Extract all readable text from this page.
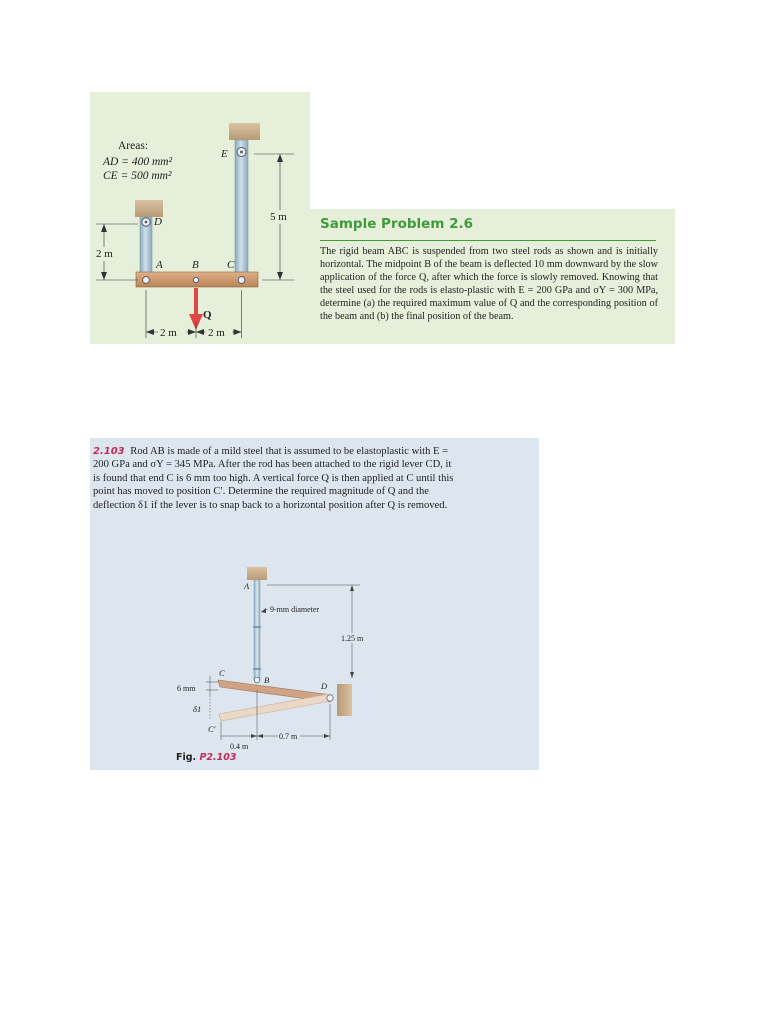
Areas:
AD = 400 mm²
CE = 500 mm²
E
D
A	B	C
Q
5 m
2 m
2 m	2 m
Sample Problem 2.6
The rigid beam ABC is suspended from two steel rods as shown and is initially horizontal. The midpoint B of the beam is deflected 10 mm downward by the slow application of the force Q, after which the force is slowly removed. Knowing that the steel used for the rods is elasto-plastic with E = 200 GPa and σY = 300 MPa, determine (a) the required maximum value of Q and the corresponding position of the beam and (b) the final position of the beam.
2.103 Rod AB is made of a mild steel that is assumed to be elastoplastic with E = 200 GPa and σY = 345 MPa. After the rod has been attached to the rigid lever CD, it is found that end C is 6 mm too high. A vertical force Q is then applied at C until this point has moved to position C′. Determine the required magnitude of Q and the deflection δ1 if the lever is to snap back to a horizontal position after Q is removed.
A
B
1.25 m
9-mm diameter
D
C
C′
6 mm
δ1
0.7 m
0.4 m
Fig. P2.103
